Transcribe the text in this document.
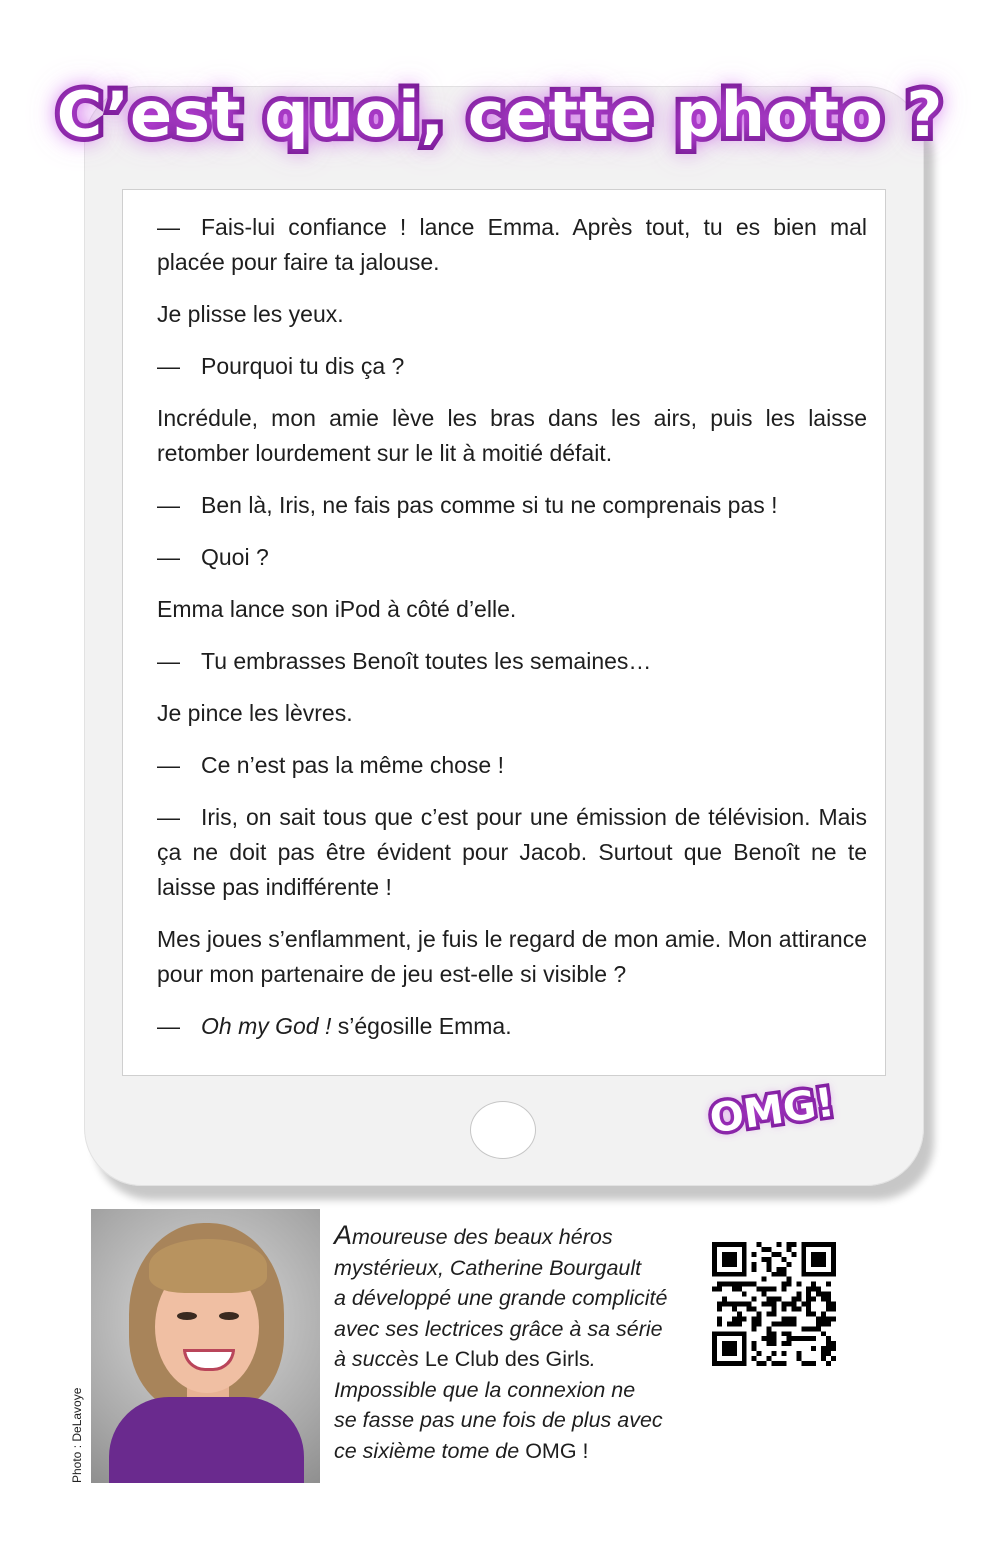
C’est quoi, cette photo ?

— Fais-lui confiance ! lance Emma. Après tout, tu es bien mal placée pour faire ta jalouse.

Je plisse les yeux.

— Pourquoi tu dis ça ?

Incrédule, mon amie lève les bras dans les airs, puis les laisse retomber lourdement sur le lit à moitié défait.

— Ben là, Iris, ne fais pas comme si tu ne comprenais pas !

— Quoi ?

Emma lance son iPod à côté d’elle.

— Tu embrasses Benoît toutes les semaines…

Je pince les lèvres.

— Ce n’est pas la même chose !

— Iris, on sait tous que c’est pour une émission de télévision. Mais ça ne doit pas être évident pour Jacob. Surtout que Benoît ne te laisse pas indifférente !

Mes joues s’enflamment, je fuis le regard de mon amie. Mon attirance pour mon partenaire de jeu est-elle si visible ?

— Oh my God ! s’égosille Emma.

OMG!
Photo : DeLavoye
Amoureuse des beaux héros
mystérieux, Catherine Bourgault
a développé une grande complicité
avec ses lectrices grâce à sa série
à succès Le Club des Girls.
Impossible que la connexion ne
se fasse pas une fois de plus avec
ce sixième tome de OMG !
